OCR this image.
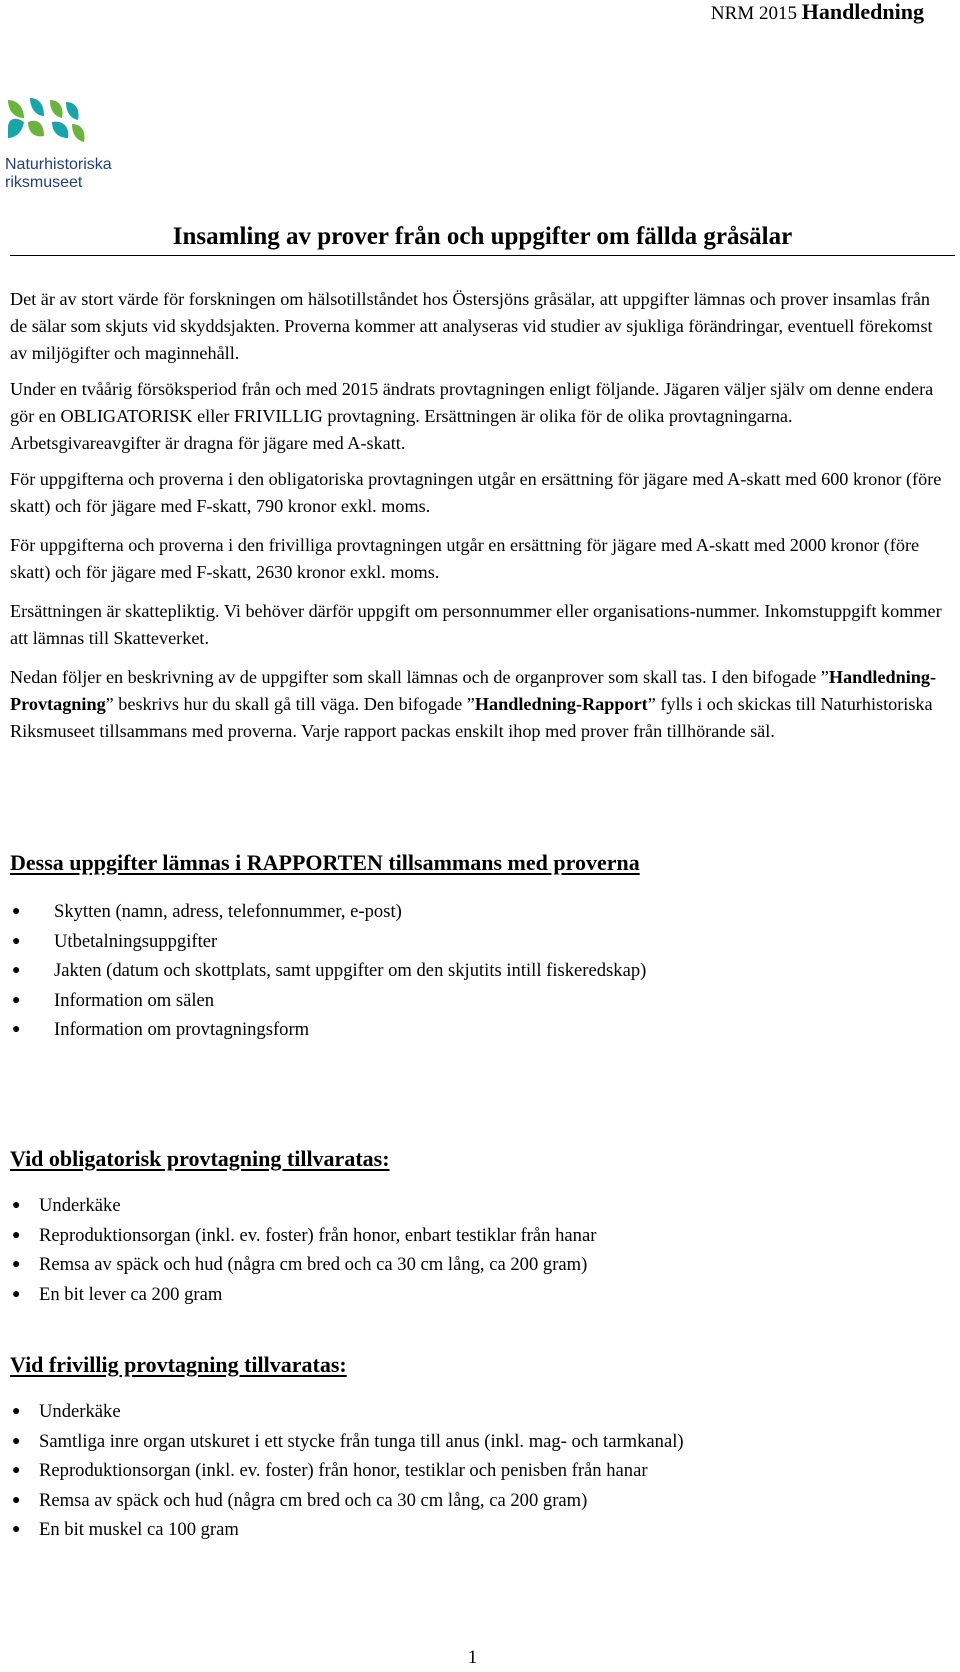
NRM 2015 Handledning
Naturhistoriska
riksmuseet
Insamling av prover från och uppgifter om fällda gråsälar

Det är av stort värde för forskningen om hälsotillståndet hos Östersjöns gråsälar, att uppgifter lämnas och prover insamlas från de sälar som skjuts vid skyddsjakten. Proverna kommer att analyseras vid studier av sjukliga förändringar, eventuell förekomst av miljögifter och maginnehåll.

Under en tvåårig försöksperiod från och med 2015 ändrats provtagningen enligt följande. Jägaren väljer själv om denne endera gör en OBLIGATORISK eller FRIVILLIG provtagning. Ersättningen är olika för de olika provtagningarna. Arbetsgivareavgifter är dragna för jägare med A-skatt.

För uppgifterna och proverna i den obligatoriska provtagningen utgår en ersättning för jägare med A-skatt med 600 kronor (före skatt) och för jägare med F-skatt, 790 kronor exkl. moms.

För uppgifterna och proverna i den frivilliga provtagningen utgår en ersättning för jägare med A-skatt med 2000 kronor (före skatt) och för jägare med F-skatt, 2630 kronor exkl. moms.

Ersättningen är skattepliktig. Vi behöver därför uppgift om personnummer eller organisations-nummer. Inkomstuppgift kommer att lämnas till Skatteverket.

Nedan följer en beskrivning av de uppgifter som skall lämnas och de organprover som skall tas. I den bifogade ”Handledning-Provtagning” beskrivs hur du skall gå till väga. Den bifogade ”Handledning-Rapport” fylls i och skickas till Naturhistoriska Riksmuseet tillsammans med proverna. Varje rapport packas enskilt ihop med prover från tillhörande säl.

Dessa uppgifter lämnas i RAPPORTEN tillsammans med proverna
● Skytten (namn, adress, telefonnummer, e-post)
● Utbetalningsuppgifter
● Jakten (datum och skottplats, samt uppgifter om den skjutits intill fiskeredskap)
● Information om sälen
● Information om provtagningsform
Vid obligatorisk provtagning tillvaratas:
● Underkäke
● Reproduktionsorgan (inkl. ev. foster) från honor, enbart testiklar från hanar
● Remsa av späck och hud (några cm bred och ca 30 cm lång, ca 200 gram)
● En bit lever ca 200 gram
Vid frivillig provtagning tillvaratas:
● Underkäke
● Samtliga inre organ utskuret i ett stycke från tunga till anus (inkl. mag- och tarmkanal)
● Reproduktionsorgan (inkl. ev. foster) från honor, testiklar och penisben från hanar
● Remsa av späck och hud (några cm bred och ca 30 cm lång, ca 200 gram)
● En bit muskel ca 100 gram
1
